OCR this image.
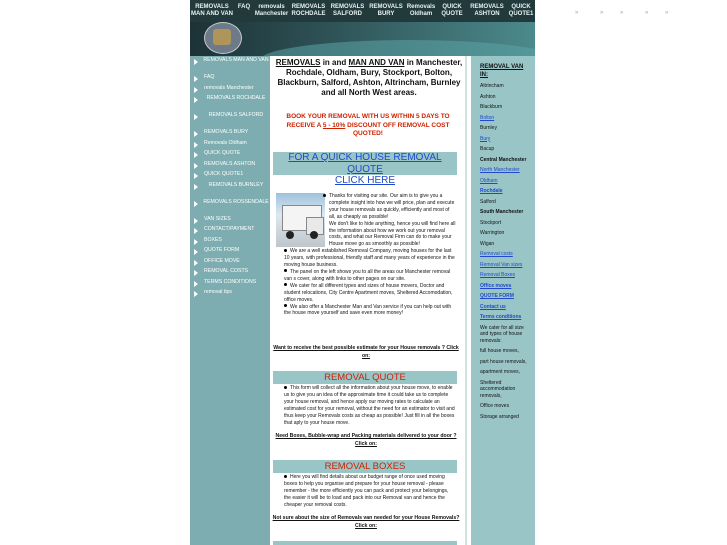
REMOVALS MAN AND VAN
FAQ	removals Manchester
REMOVALS ROCHDALE
REMOVALS SALFORD
REMOVALS BURY
Removals Oldham
QUICK QUOTE
REMOVALS ASHTON
QUICK QUOTE1	»	»	»	»	»
REMOVALS MAN AND VAN
FAQ
removals Manchester
REMOVALS ROCHDALE
REMOVALS SALFORD
REMOVALS BURY
Removals Oldham
QUICK QUOTE
REMOVALS ASHTON
QUICK QUOTE1
REMOVALS BURNLEY
REMOVALS ROSSENDALE
VAN SIZES
CONTACT/PAYMENT
BOXES
QUOTE FORM
OFFICE MOVE
REMOVAL COSTS
TERMS CONDITIONS
removal tips
REMOVALS in and MAN AND VAN in Manchester, Rochdale, Oldham, Bury, Stockport, Bolton, Blackburn, Salford, Ashton, Altrincham, Burnley and all North West areas.
BOOK YOUR REMOVAL WITH US WITHIN 5 DAYS TO RECEIVE A 5 - 10% DISCOUNT OFF REMOVAL COST QUOTED!
FOR A QUICK HOUSE REMOVAL QUOTE
CLICK HERE

Thanks for visiting our site. Our aim is to give you a complete insight into how we will price, plan and execute your house removals as quickly, efficiently and most of all, as cheaply as possible!

We don't like to hide anything, hence you will find here all the information about how we work out your removal costs, and what our Removal Firm can do to make your House move go as smoothly as possible!

We are a well established Removal Company, moving houses for the last 10 years, with professional, friendly staff and many years of experience in the moving house business.

The panel on the left shows you to all the areas our Manchester removal van s cover, along with links to other pages on our site.

We cater for all different types and sizes of house movers, Doctor and student relocations, City Centre Apartment moves, Sheltered Accomodation, office moves.

We also offer a Manchester Man and Van service if you can help out with the house move yourself and save even more money!

Want to receive the best possible estimate for your House removals ? Click on:
REMOVAL QUOTE

This form will collect all the information about your house move, to enable us to give you an idea of the approximate time it could take us to complete your house removal, and hence apply our moving rates to calculate an estimated cost for your removal, without the need for an estimator to visit and thus keep your Removals costs as cheap as possible! Just fill in all the boxes that aply to your house move.

Need Boxes, Bubble-wrap and Packing materials delivered to your door ? Click on:
REMOVAL BOXES

Here you will find details about our budget range of once used moving boxes to help you organise and prepare for your house removal - please remember - the more efficiently you can pack and protect your belongings, the easier it will be to load and pack into our Removal van and hence the cheaper your removal costs.

Not sure about the size of Removals van needed for your House Removals? Click on:
REMOVAL VAN IN:
Altrincham
Ashton
Blackburn
Bolton
Burnley
Bury
Bacup
Central Manchester
North Manchester
Oldham
Rochdale
Salford
South Manchester
Stockport
Warrington
Wigan
Removal costs
Removal Van sizes
Removal Boxes
Office moves
QUOTE FORM
Contact us
Terms conditions
We cater for all size and types of house removals:
full house moves,
part house removals,
apartment moves,
Sheltered accommodation removals,
Office moves
Storage arranged
